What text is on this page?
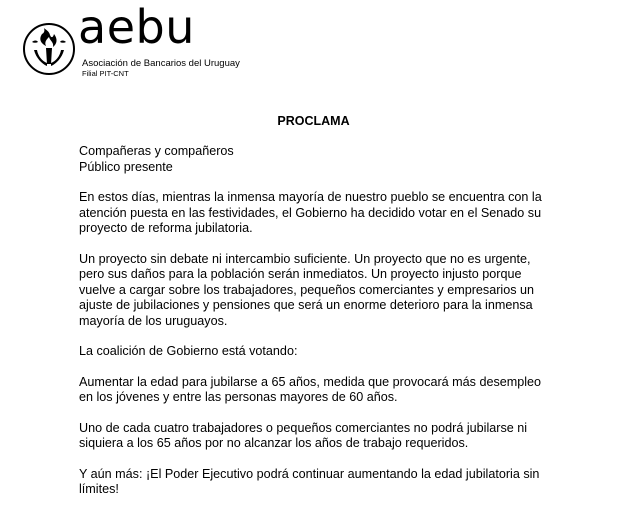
aebu
Asociación de Bancarios del Uruguay
Filial PIT-CNT
PROCLAMA

Compañeras y compañeros
Público presente

En estos días, mientras la inmensa mayoría de nuestro pueblo se encuentra con la
atención puesta en las festividades, el Gobierno ha decidido votar en el Senado su
proyecto de reforma jubilatoria.

Un proyecto sin debate ni intercambio suficiente. Un proyecto que no es urgente,
pero sus daños para la población serán inmediatos. Un proyecto injusto porque
vuelve a cargar sobre los trabajadores, pequeños comerciantes y empresarios un
ajuste de jubilaciones y pensiones que será un enorme deterioro para la inmensa
mayoría de los uruguayos.

La coalición de Gobierno está votando:

Aumentar la edad para jubilarse a 65 años, medida que provocará más desempleo
en los jóvenes y entre las personas mayores de 60 años.

Uno de cada cuatro trabajadores o pequeños comerciantes no podrá jubilarse ni
siquiera a los 65 años por no alcanzar los años de trabajo requeridos.

Y aún más: ¡El Poder Ejecutivo podrá continuar aumentando la edad jubilatoria sin
límites!
